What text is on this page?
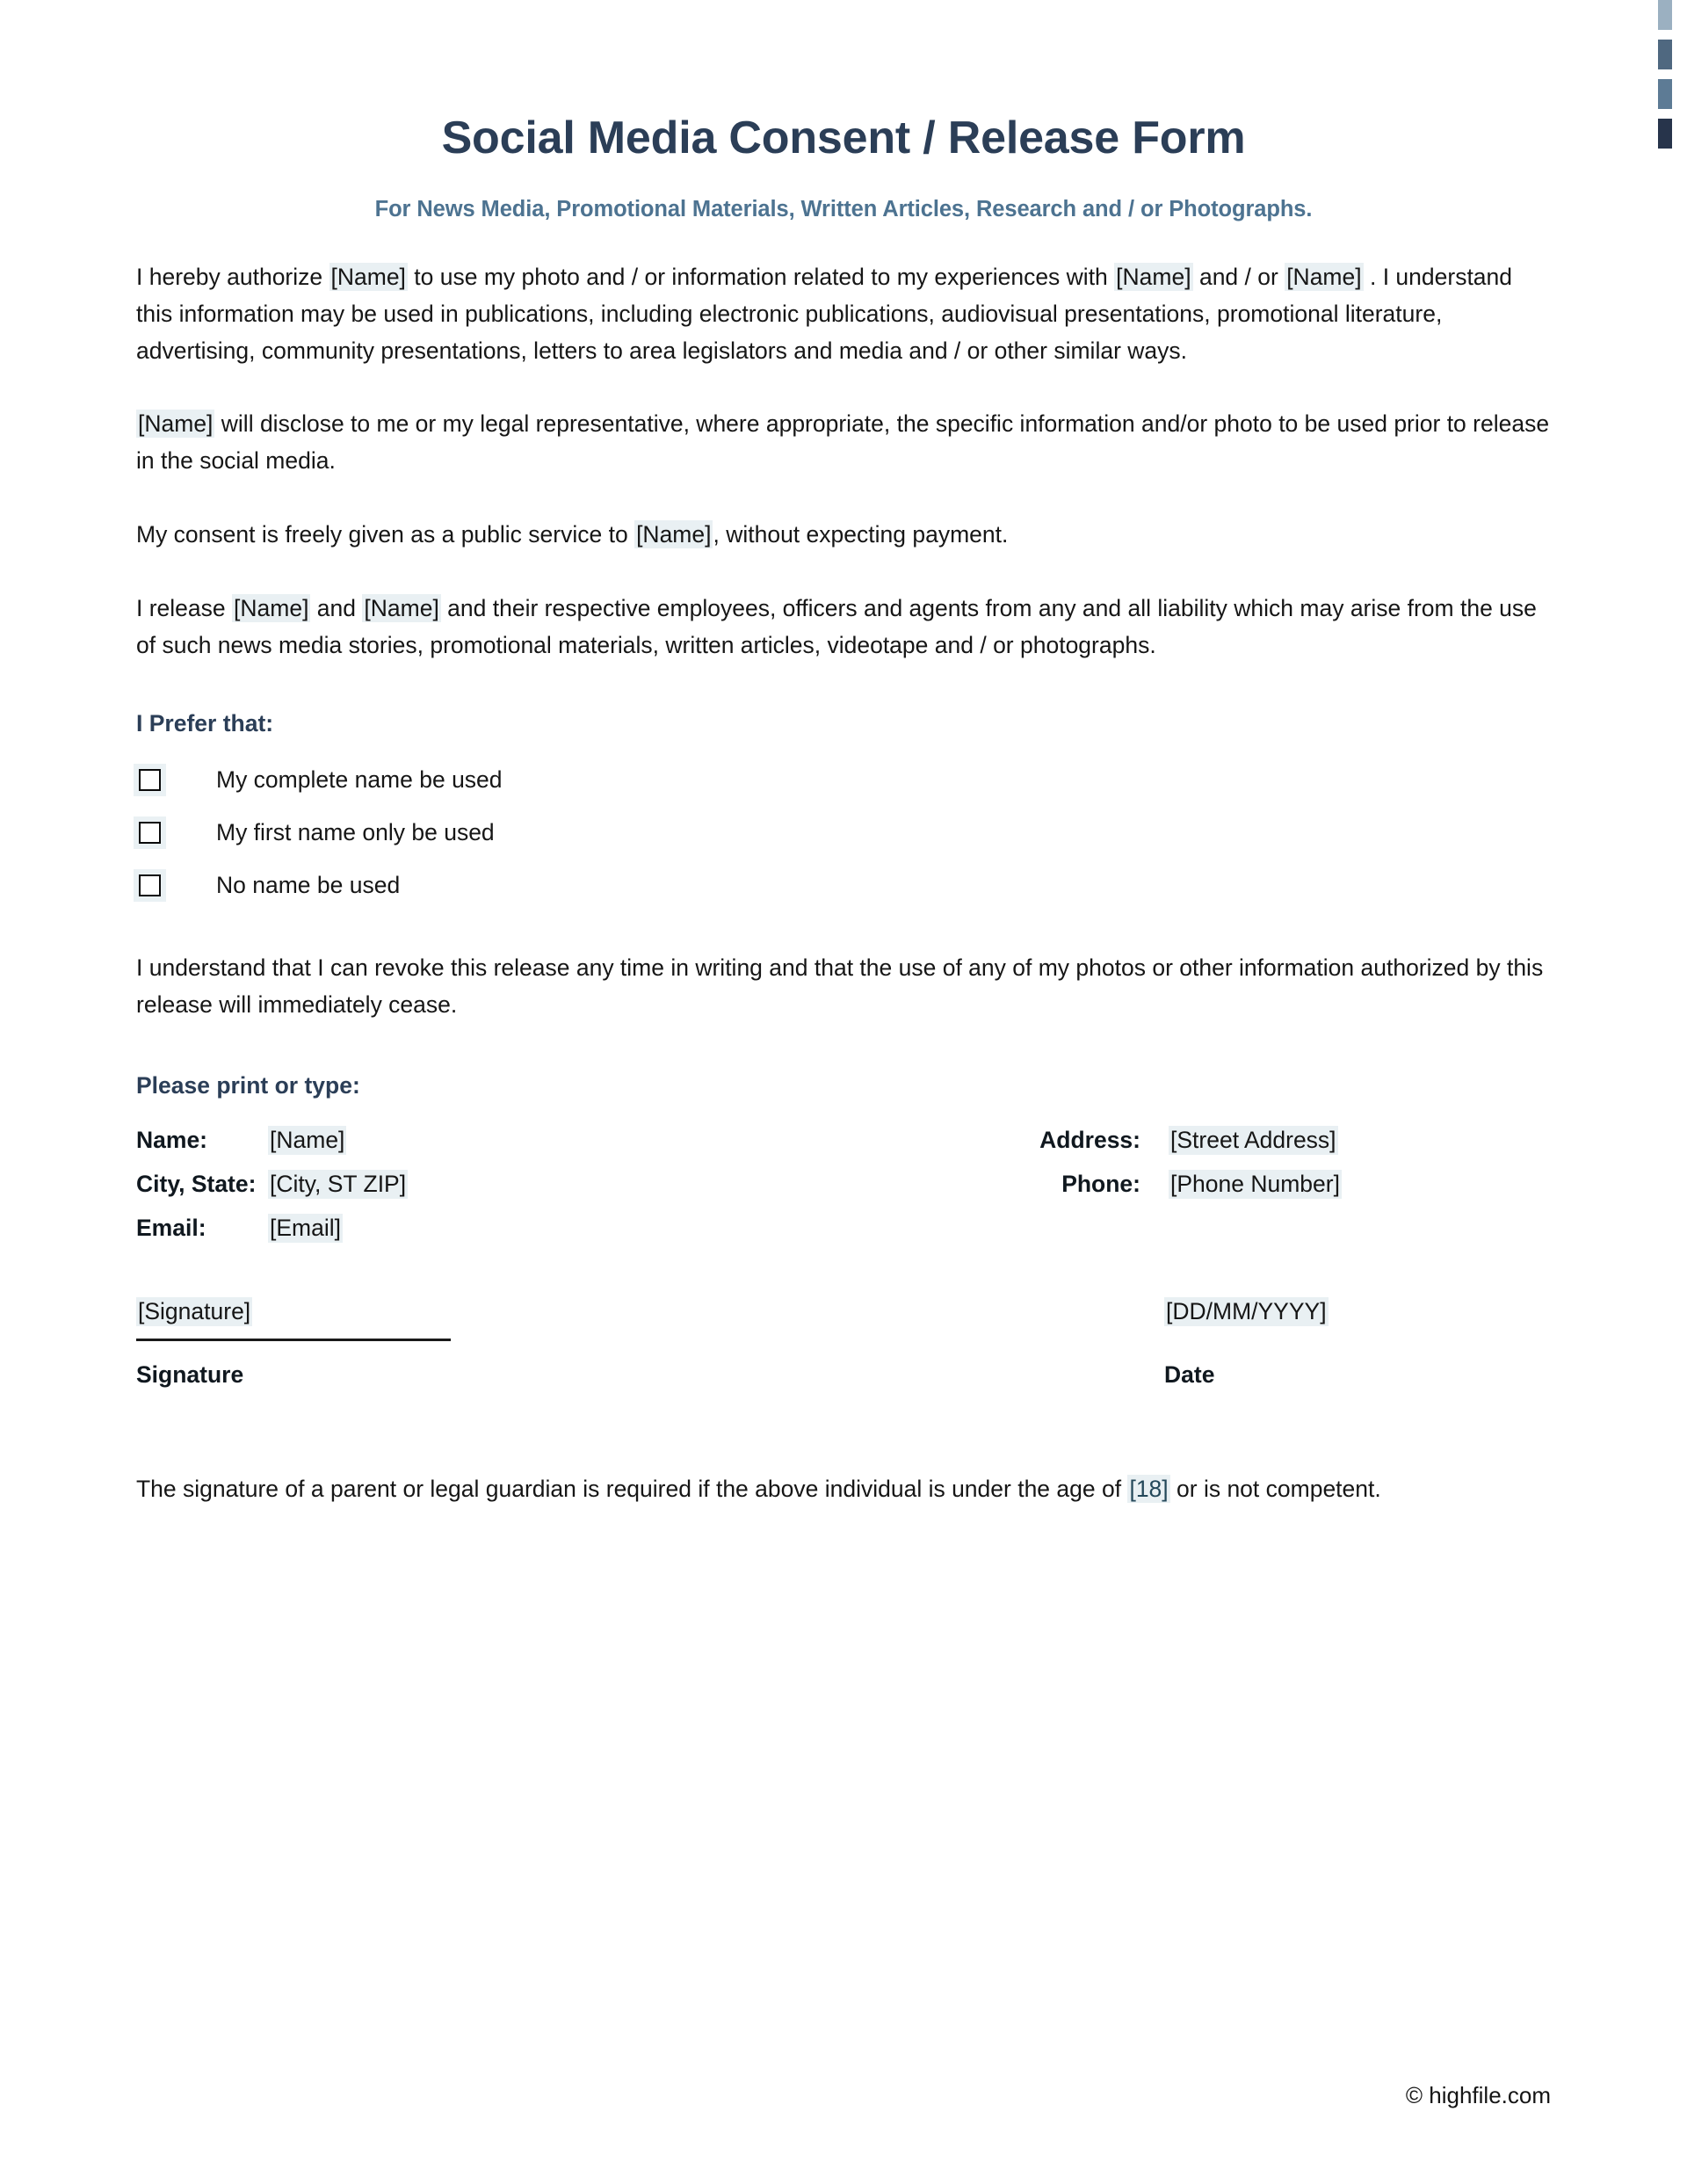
Social Media Consent / Release Form
For News Media, Promotional Materials, Written Articles, Research and / or Photographs.

I hereby authorize [Name] to use my photo and / or information related to my experiences with [Name] and / or [Name] . I understand this information may be used in publications, including electronic publications, audiovisual presentations, promotional literature, advertising, community presentations, letters to area legislators and media and / or other similar ways.

[Name] will disclose to me or my legal representative, where appropriate, the specific information and/or photo to be used prior to release in the social media.

My consent is freely given as a public service to [Name], without expecting payment.

I release [Name] and [Name] and their respective employees, officers and agents from any and all liability which may arise from the use of such news media stories, promotional materials, written articles, videotape and / or photographs.

I Prefer that:
My complete name be used
My first name only be used
No name be used

I understand that I can revoke this release any time in writing and that the use of any of my photos or other information authorized by this release will immediately cease.

Please print or type:
Name:	[Name]	Address:	[Street Address]
City, State: [City, ST ZIP]	Phone:	[Phone Number]
Email:	[Email]
[Signature]
Signature
[DD/MM/YYYY]
Date

The signature of a parent or legal guardian is required if the above individual is under the age of [18] or is not competent.

© highfile.com
